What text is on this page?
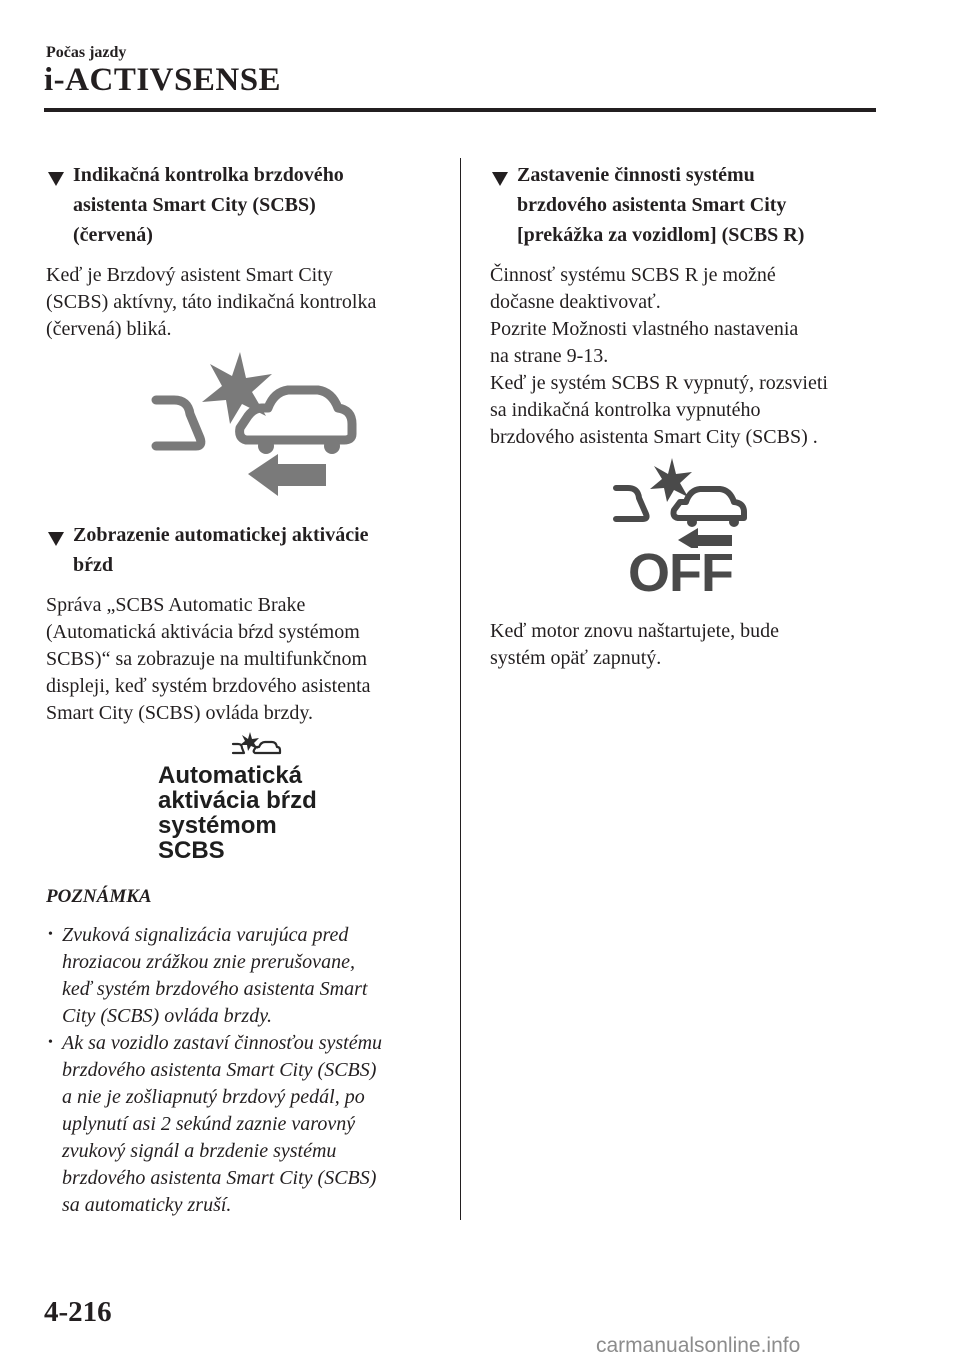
Počas jazdy
i-ACTIVSENSE
Indikačná kontrolka brzdového
asistenta Smart City (SCBS)
(červená)
Keď je Brzdový asistent Smart City
(SCBS) aktívny, táto indikačná kontrolka
(červená) bliká.
Zobrazenie automatickej aktivácie
bŕzd
Správa „SCBS Automatic Brake
(Automatická aktivácia bŕzd systémom
SCBS)“ sa zobrazuje na multifunkčnom
displeji, keď systém brzdového asistenta
Smart City (SCBS) ovláda brzdy.
Automatická
aktivácia bŕzd
systémom
SCBS
POZNÁMKA
• Zvuková signalizácia varujúca pred
hroziacou zrážkou znie prerušovane,
keď systém brzdového asistenta Smart
City (SCBS) ovláda brzdy.
• Ak sa vozidlo zastaví činnosťou systému
brzdového asistenta Smart City (SCBS)
a nie je zošliapnutý brzdový pedál, po
uplynutí asi 2 sekúnd zaznie varovný
zvukový signál a brzdenie systému
brzdového asistenta Smart City (SCBS)
sa automaticky zruší.
Zastavenie činnosti systému
brzdového asistenta Smart City
[prekážka za vozidlom] (SCBS R)
Činnosť systému SCBS R je možné
dočasne deaktivovať.
Pozrite Možnosti vlastného nastavenia
na strane 9-13.
Keď je systém SCBS R vypnutý, rozsvieti
sa indikačná kontrolka vypnutého
brzdového asistenta Smart City (SCBS) .
OFF
Keď motor znovu naštartujete, bude
systém opäť zapnutý.
4-216
carmanualsonline.info
